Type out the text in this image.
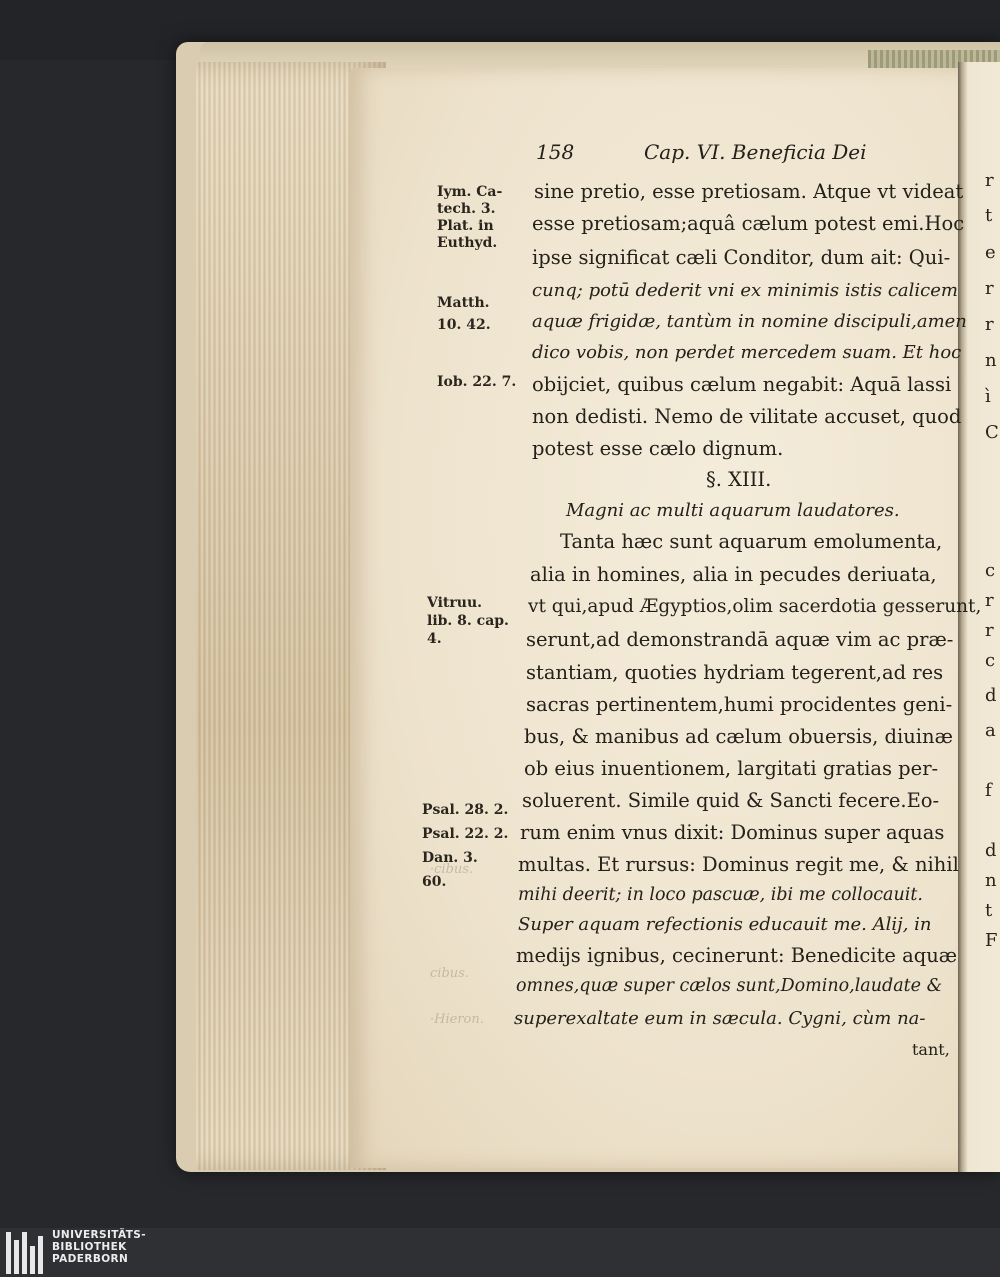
·cibus.
cibus.
·Hieron.
158	Cap. VI. Beneficia Dei
Iym. Ca-
tech. 3.
Plat. in
Euthyd.
Matth.
10. 42.
Iob. 22. 7.
Vitruu.
lib. 8. cap.
4.
Psal. 28. 2.
Psal. 22. 2.
Dan. 3.
60.
sine pretio, esse pretiosam. Atque vt videat
esse pretiosam;aquâ cælum potest emi.Hoc
ipse significat cæli Conditor, dum ait: Qui-
cunq; potū dederit vni ex minimis istis calicem
aquæ frigidæ, tantùm in nomine discipuli,amen
dico vobis, non perdet mercedem suam. Et hoc
obijciet, quibus cælum negabit: Aquā lassi
non dedisti. Nemo de vilitate accuset, quod
potest esse cælo dignum.
§. XIII.
Magni ac multi aquarum laudatores.
Tanta hæc sunt aquarum emolumenta,
alia in homines, alia in pecudes deriuata,
vt qui,apud Ægyptios,olim sacerdotia gesserunt,
serunt,ad demonstrandā aquæ vim ac præ-
stantiam, quoties hydriam tegerent,ad res
sacras pertinentem,humi procidentes geni-
bus, & manibus ad cælum obuersis, diuinæ
ob eius inuentionem, largitati gratias per-
soluerent. Simile quid & Sancti fecere.Eo-
rum enim vnus dixit: Dominus super aquas
multas. Et rursus: Dominus regit me, & nihil
mihi deerit; in loco pascuæ, ibi me collocauit.
Super aquam refectionis educauit me. Alij, in
medijs ignibus, cecinerunt: Benedicite aquæ
omnes,quæ super cælos sunt,Domino,laudate &
superexaltate eum in sæcula. Cygni, cùm na-
tant,
r
t
e
r
r
n
ì
C
c
r
r
c
d
a
f
d
n
t
F
UNIVERSITÄTS-
BIBLIOTHEK
PADERBORN
